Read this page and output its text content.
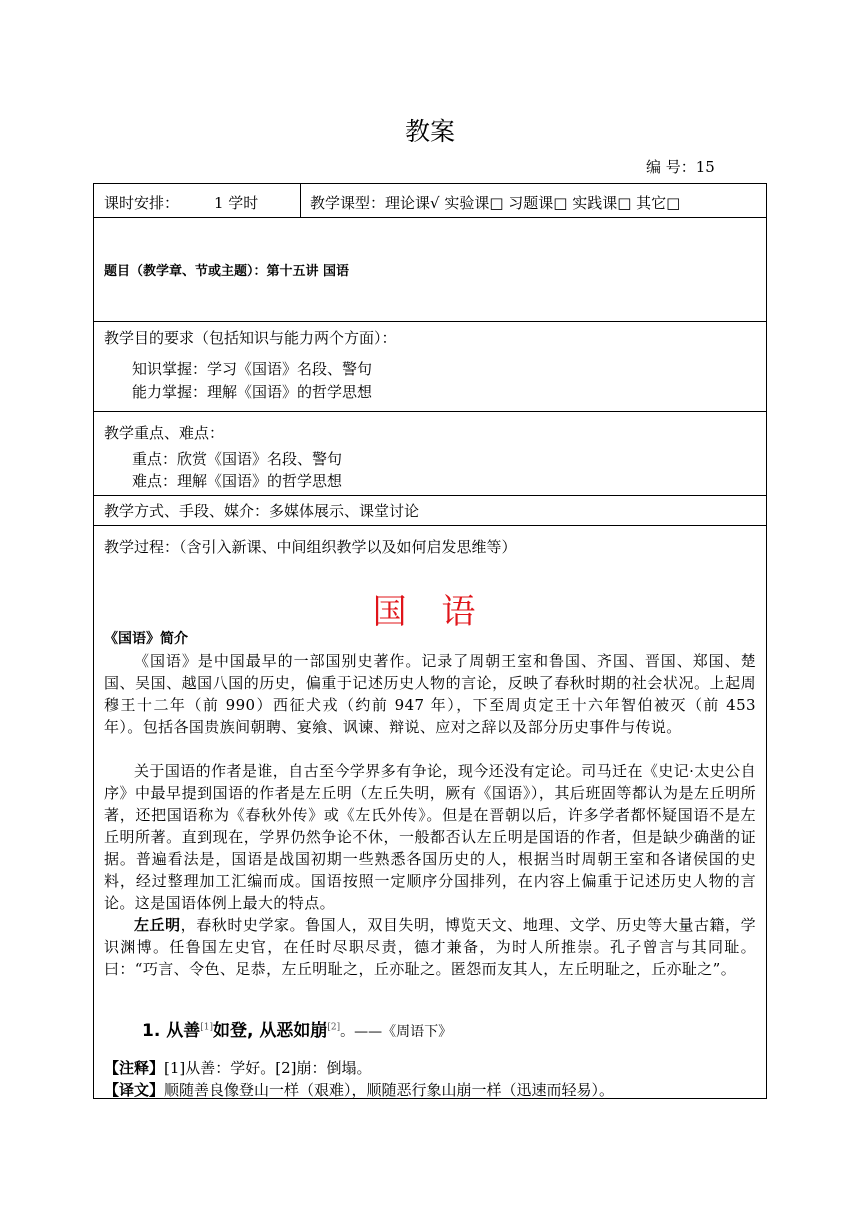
教案
编 号：15
课时安排： 1 学时	教学课型：理论课√ 实验课□ 习题课□ 实践课□ 其它□
题目（教学章、节或主题）：第十五讲 国语
教学目的要求（包括知识与能力两个方面）：
知识掌握：学习《国语》名段、警句
能力掌握：理解《国语》的哲学思想
教学重点、难点：
重点：欣赏《国语》名段、警句
难点：理解《国语》的哲学思想
教学方式、手段、媒介：多媒体展示、课堂讨论
教学过程：（含引入新课、中间组织教学以及如何启发思维等）
国 语
《国语》简介
《国语》是中国最早的一部国别史著作。记录了周朝王室和鲁国、齐国、晋国、郑国、楚国、吴国、越国八国的历史，偏重于记述历史人物的言论，反映了春秋时期的社会状况。上起周穆王十二年（前 990）西征犬戎（约前 947 年），下至周贞定王十六年智伯被灭（前 453 年）。包括各国贵族间朝聘、宴飨、讽谏、辩说、应对之辞以及部分历史事件与传说。
关于国语的作者是谁，自古至今学界多有争论，现今还没有定论。司马迁在《史记·太史公自序》中最早提到国语的作者是左丘明（左丘失明，厥有《国语》），其后班固等都认为是左丘明所著，还把国语称为《春秋外传》或《左氏外传》。但是在晋朝以后，许多学者都怀疑国语不是左丘明所著。直到现在，学界仍然争论不休，一般都否认左丘明是国语的作者，但是缺少确凿的证据。普遍看法是，国语是战国初期一些熟悉各国历史的人，根据当时周朝王室和各诸侯国的史料，经过整理加工汇编而成。国语按照一定顺序分国排列，在内容上偏重于记述历史人物的言论。这是国语体例上最大的特点。
左丘明，春秋时史学家。鲁国人，双目失明，博览天文、地理、文学、历史等大量古籍，学识渊博。任鲁国左史官，在任时尽职尽责，德才兼备，为时人所推崇。孔子曾言与其同耻。曰：“巧言、令色、足恭，左丘明耻之，丘亦耻之。匿怨而友其人，左丘明耻之，丘亦耻之”。
1. 从善[1]如登, 从恶如崩[2]。——《周语下》
【注释】[1]从善：学好。[2]崩：倒塌。
【译文】顺随善良像登山一样（艰难），顺随恶行象山崩一样（迅速而轻易）。
